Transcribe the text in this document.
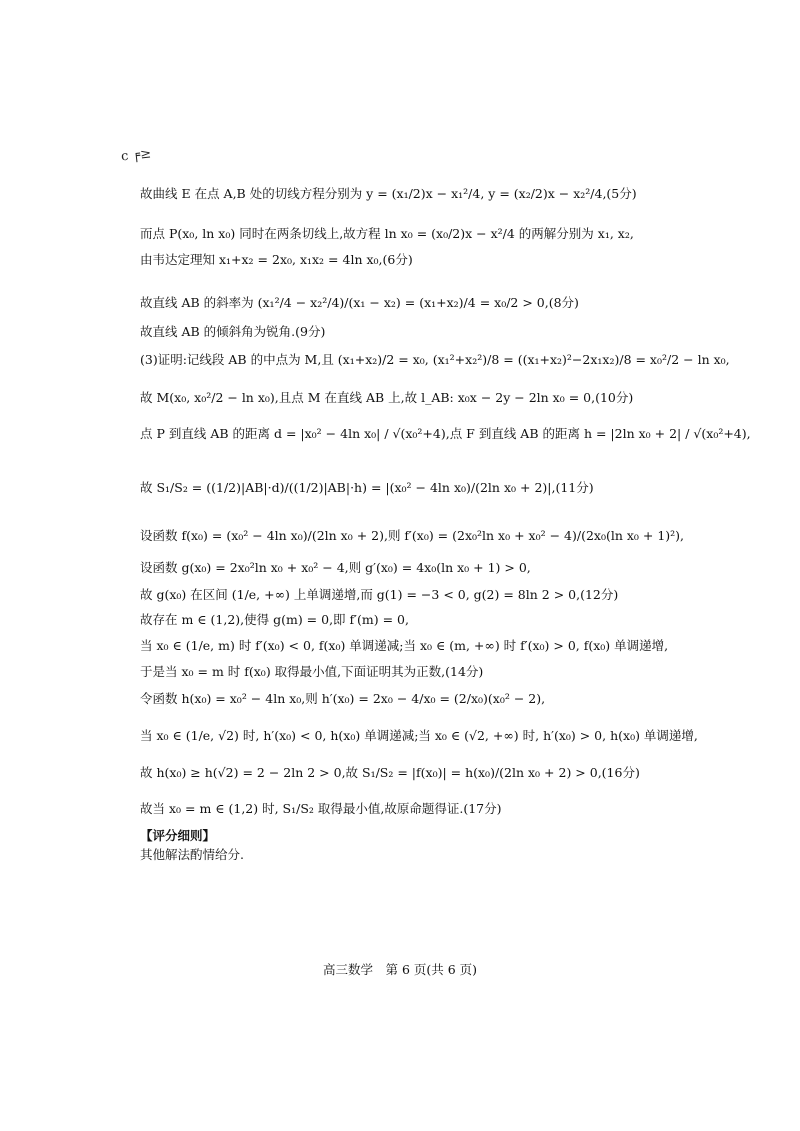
c ╒≥
故曲线 E 在点 A,B 处的切线方程分别为 y = (x₁/2)x − x₁²/4, y = (x₂/2)x − x₂²/4,(5分)
而点 P(x₀, ln x₀) 同时在两条切线上,故方程 ln x₀ = (x₀/2)x − x²/4 的两解分别为 x₁, x₂,
由韦达定理知 x₁+x₂ = 2x₀, x₁x₂ = 4ln x₀,(6分)
故直线 AB 的斜率为 (x₁²/4 − x₂²/4)/(x₁ − x₂) = (x₁+x₂)/4 = x₀/2 > 0,(8分)
故直线 AB 的倾斜角为锐角.(9分)
(3)证明:记线段 AB 的中点为 M,且 (x₁+x₂)/2 = x₀, (x₁²+x₂²)/8 = ((x₁+x₂)²−2x₁x₂)/8 = x₀²/2 − ln x₀,
故 M(x₀, x₀²/2 − ln x₀),且点 M 在直线 AB 上,故 l_AB: x₀x − 2y − 2ln x₀ = 0,(10分)
点 P 到直线 AB 的距离 d = |x₀² − 4ln x₀| / √(x₀²+4),点 F 到直线 AB 的距离 h = |2ln x₀ + 2| / √(x₀²+4),
故 S₁/S₂ = ((1/2)|AB|·d)/((1/2)|AB|·h) = |(x₀² − 4ln x₀)/(2ln x₀ + 2)|,(11分)
设函数 f(x₀) = (x₀² − 4ln x₀)/(2ln x₀ + 2),则 f′(x₀) = (2x₀²ln x₀ + x₀² − 4)/(2x₀(ln x₀ + 1)²),
设函数 g(x₀) = 2x₀²ln x₀ + x₀² − 4,则 g′(x₀) = 4x₀(ln x₀ + 1) > 0,
故 g(x₀) 在区间 (1/e, +∞) 上单调递增,而 g(1) = −3 < 0, g(2) = 8ln 2 > 0,(12分)
故存在 m ∈ (1,2),使得 g(m) = 0,即 f′(m) = 0,
当 x₀ ∈ (1/e, m) 时 f′(x₀) < 0, f(x₀) 单调递减;当 x₀ ∈ (m, +∞) 时 f′(x₀) > 0, f(x₀) 单调递增,
于是当 x₀ = m 时 f(x₀) 取得最小值,下面证明其为正数,(14分)
令函数 h(x₀) = x₀² − 4ln x₀,则 h′(x₀) = 2x₀ − 4/x₀ = (2/x₀)(x₀² − 2),
当 x₀ ∈ (1/e, √2) 时, h′(x₀) < 0, h(x₀) 单调递减;当 x₀ ∈ (√2, +∞) 时, h′(x₀) > 0, h(x₀) 单调递增,
故 h(x₀) ≥ h(√2) = 2 − 2ln 2 > 0,故 S₁/S₂ = |f(x₀)| = h(x₀)/(2ln x₀ + 2) > 0,(16分)
故当 x₀ = m ∈ (1,2) 时, S₁/S₂ 取得最小值,故原命题得证.(17分)
【评分细则】
其他解法酌情给分.
高三数学　第 6 页(共 6 页)
